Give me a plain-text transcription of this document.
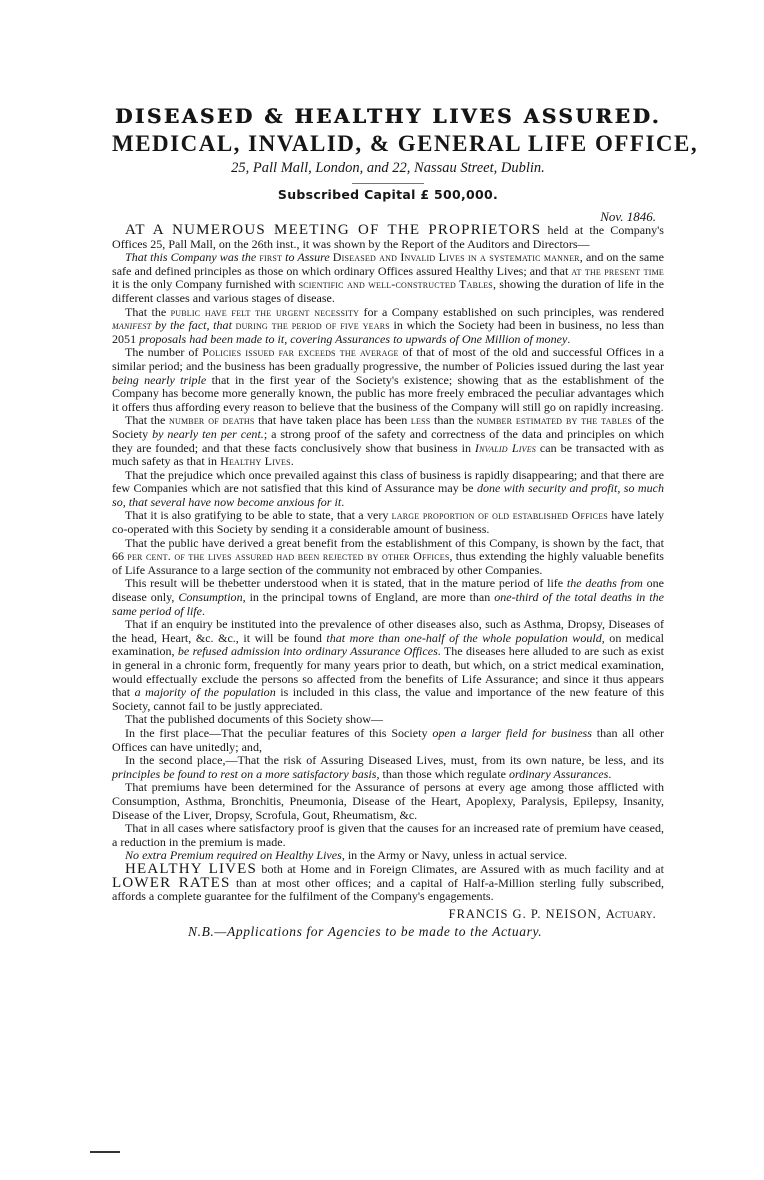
DISEASED & HEALTHY LIVES ASSURED.
MEDICAL, INVALID, & GENERAL LIFE OFFICE,
25, Pall Mall, London, and 22, Nassau Street, Dublin.
Subscribed Capital £ 500,000.
Nov. 1846.

AT A NUMEROUS MEETING OF THE PROPRIETORS held at the Company's Offices 25, Pall Mall, on the 26th inst., it was shown by the Report of the Auditors and Directors—

That this Company was the first to Assure Diseased and Invalid Lives in a systematic manner, and on the same safe and defined principles as those on which ordinary Offices assured Healthy Lives; and that at the present time it is the only Company furnished with scientific and well-constructed Tables, showing the duration of life in the different classes and various stages of disease.

That the public have felt the urgent necessity for a Company established on such principles, was rendered manifest by the fact, that during the period of five years in which the Society had been in business, no less than 2051 proposals had been made to it, covering Assurances to upwards of One Million of money.

The number of Policies issued far exceeds the average of that of most of the old and successful Offices in a similar period; and the business has been gradually progressive, the number of Policies issued during the last year being nearly triple that in the first year of the Society's existence; showing that as the establishment of the Company has become more generally known, the public has more freely embraced the peculiar advantages which it offers thus affording every reason to believe that the business of the Company will still go on rapidly increasing.

That the number of deaths that have taken place has been less than the number estimated by the tables of the Society by nearly ten per cent.; a strong proof of the safety and correctness of the data and principles on which they are founded; and that these facts conclusively show that business in Invalid Lives can be transacted with as much safety as that in Healthy Lives.

That the prejudice which once prevailed against this class of business is rapidly disappearing; and that there are few Companies which are not satisfied that this kind of Assurance may be done with security and profit, so much so, that several have now become anxious for it.

That it is also gratifying to be able to state, that a very large proportion of old established Offices have lately co-operated with this Society by sending it a considerable amount of business.

That the public have derived a great benefit from the establishment of this Company, is shown by the fact, that 66 per cent. of the lives assured had been rejected by other Offices, thus extending the highly valuable benefits of Life Assurance to a large section of the community not embraced by other Companies.

This result will be thebetter understood when it is stated, that in the mature period of life the deaths from one disease only, Consumption, in the principal towns of England, are more than one-third of the total deaths in the same period of life.

That if an enquiry be instituted into the prevalence of other diseases also, such as Asthma, Dropsy, Diseases of the head, Heart, &c. &c., it will be found that more than one-half of the whole population would, on medical examination, be refused admission into ordinary Assurance Offices. The diseases here alluded to are such as exist in general in a chronic form, frequently for many years prior to death, but which, on a strict medical examination, would effectually exclude the persons so affected from the benefits of Life Assurance; and since it thus appears that a majority of the population is included in this class, the value and importance of the new feature of this Society, cannot fail to be justly appreciated.

That the published documents of this Society show—

In the first place—That the peculiar features of this Society open a larger field for business than all other Offices can have unitedly; and,

In the second place,—That the risk of Assuring Diseased Lives, must, from its own nature, be less, and its principles be found to rest on a more satisfactory basis, than those which regulate ordinary Assurances.

That premiums have been determined for the Assurance of persons at every age among those afflicted with Consumption, Asthma, Bronchitis, Pneumonia, Disease of the Heart, Apoplexy, Paralysis, Epilepsy, Insanity, Disease of the Liver, Dropsy, Scrofula, Gout, Rheumatism, &c.

That in all cases where satisfactory proof is given that the causes for an increased rate of premium have ceased, a reduction in the premium is made.

No extra Premium required on Healthy Lives, in the Army or Navy, unless in actual service.

HEALTHY LIVES both at Home and in Foreign Climates, are Assured with as much facility and at LOWER RATES than at most other offices; and a capital of Half-a-Million sterling fully subscribed, affords a complete guarantee for the fulfilment of the Company's engagements.

FRANCIS G. P. NEISON, Actuary.
N.B.—Applications for Agencies to be made to the Actuary.
